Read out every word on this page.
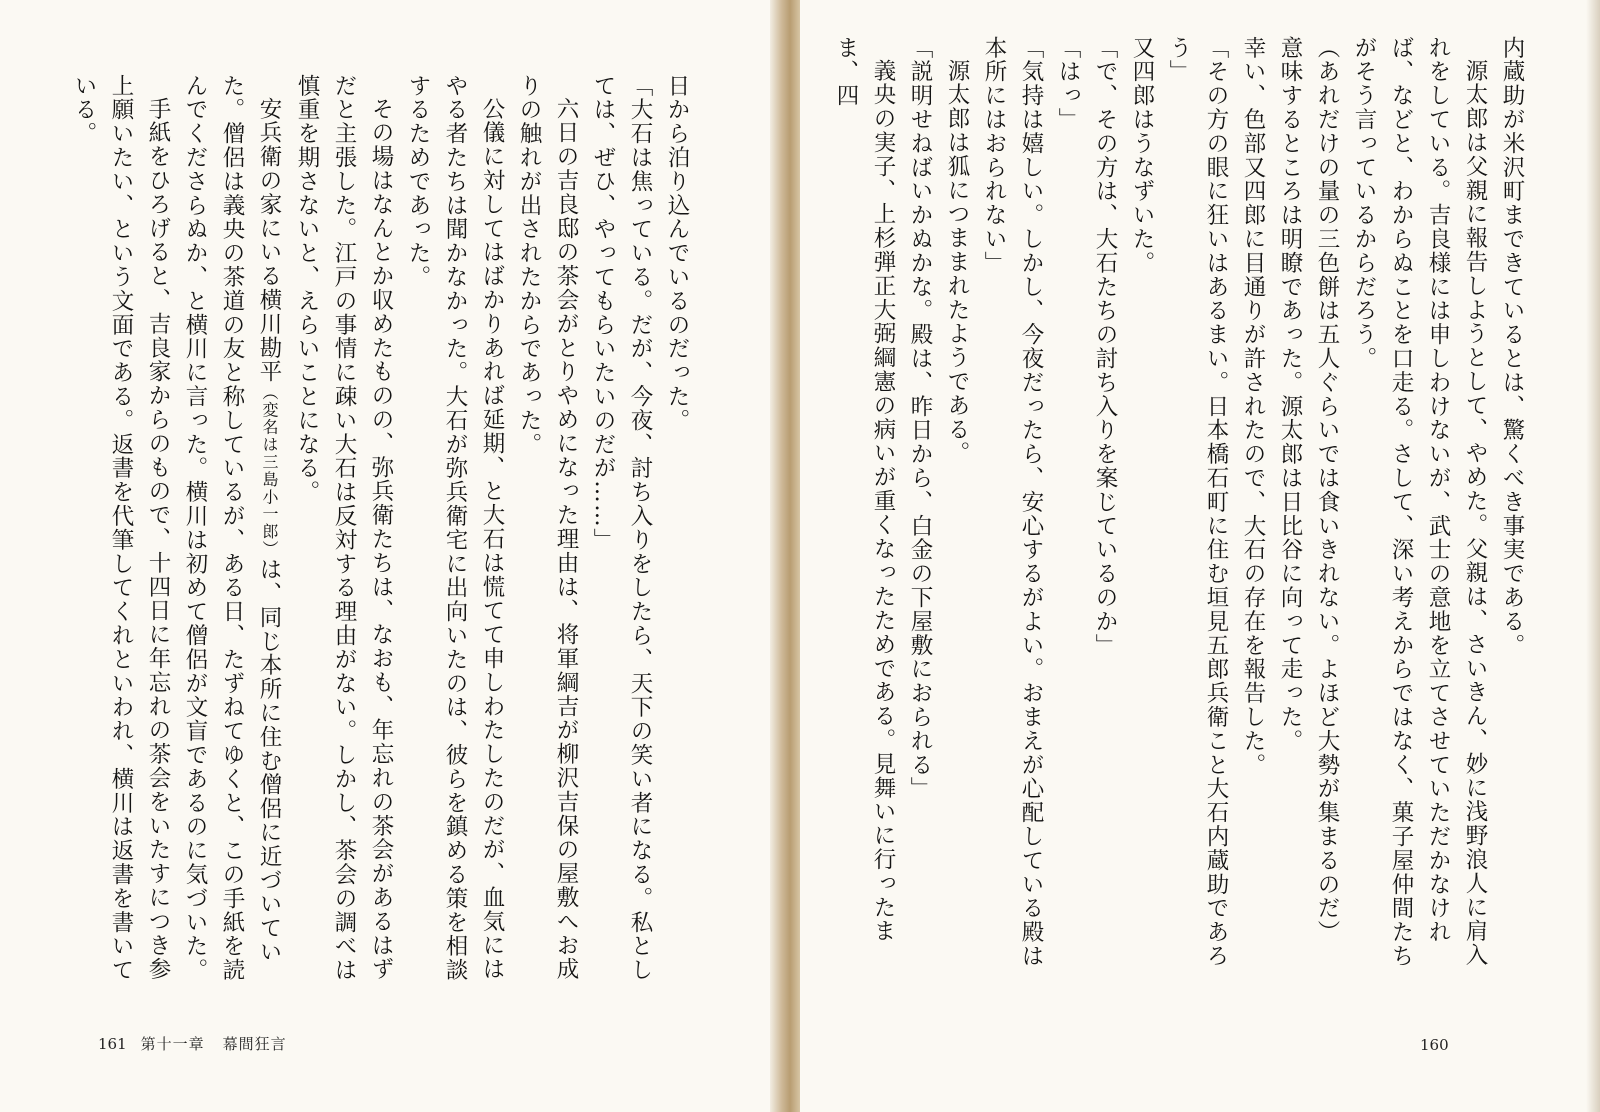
日から泊り込んでいるのだった。
「大石は焦っている。だが、今夜、討ち入りをしたら、天下の笑い者になる。私としては、ぜひ、やってもらいたいのだが……」
六日の吉良邸の茶会がとりやめになった理由は、将軍綱吉が柳沢吉保の屋敷へお成りの触れが出されたからであった。
公儀に対してはばかりあれば延期、と大石は慌てて申しわたしたのだが、血気にはやる者たちは聞かなかった。大石が弥兵衛宅に出向いたのは、彼らを鎮める策を相談するためであった。
その場はなんとか収めたものの、弥兵衛たちは、なおも、年忘れの茶会があるはずだと主張した。江戸の事情に疎い大石は反対する理由がない。しかし、茶会の調べは慎重を期さないと、えらいことになる。
安兵衛の家にいる横川勘平（変名は三島小一郎）は、同じ本所に住む僧侶に近づいていた。僧侶は義央の茶道の友と称しているが、ある日、たずねてゆくと、この手紙を読んでくださらぬか、と横川に言った。横川は初めて僧侶が文盲であるのに気づいた。
手紙をひろげると、吉良家からのもので、十四日に年忘れの茶会をいたすにつき参上願いたい、という文面である。返書を代筆してくれといわれ、横川は返書を書いている。
161 第十一章 幕間狂言
内蔵助が米沢町まできているとは、驚くべき事実である。
源太郎は父親に報告しようとして、やめた。父親は、さいきん、妙に浅野浪人に肩入れをしている。吉良様には申しわけないが、武士の意地を立てさせていただかなければ、などと、わからぬことを口走る。さして、深い考えからではなく、菓子屋仲間たちがそう言っているからだろう。
（あれだけの量の三色餅は五人ぐらいでは食いきれない。よほど大勢が集まるのだ）
意味するところは明瞭であった。源太郎は日比谷に向って走った。
幸い、色部又四郎に目通りが許されたので、大石の存在を報告した。
「その方の眼に狂いはあるまい。日本橋石町に住む垣見五郎兵衛こと大石内蔵助であろう」
又四郎はうなずいた。
「で、その方は、大石たちの討ち入りを案じているのか」
「はっ」
「気持は嬉しい。しかし、今夜だったら、安心するがよい。おまえが心配している殿は本所にはおられない」
源太郎は狐につままれたようである。
「説明せねばいかぬかな。殿は、昨日から、白金の下屋敷におられる」
義央の実子、上杉弾正大弼綱憲の病いが重くなったためである。見舞いに行ったまま、四
160
